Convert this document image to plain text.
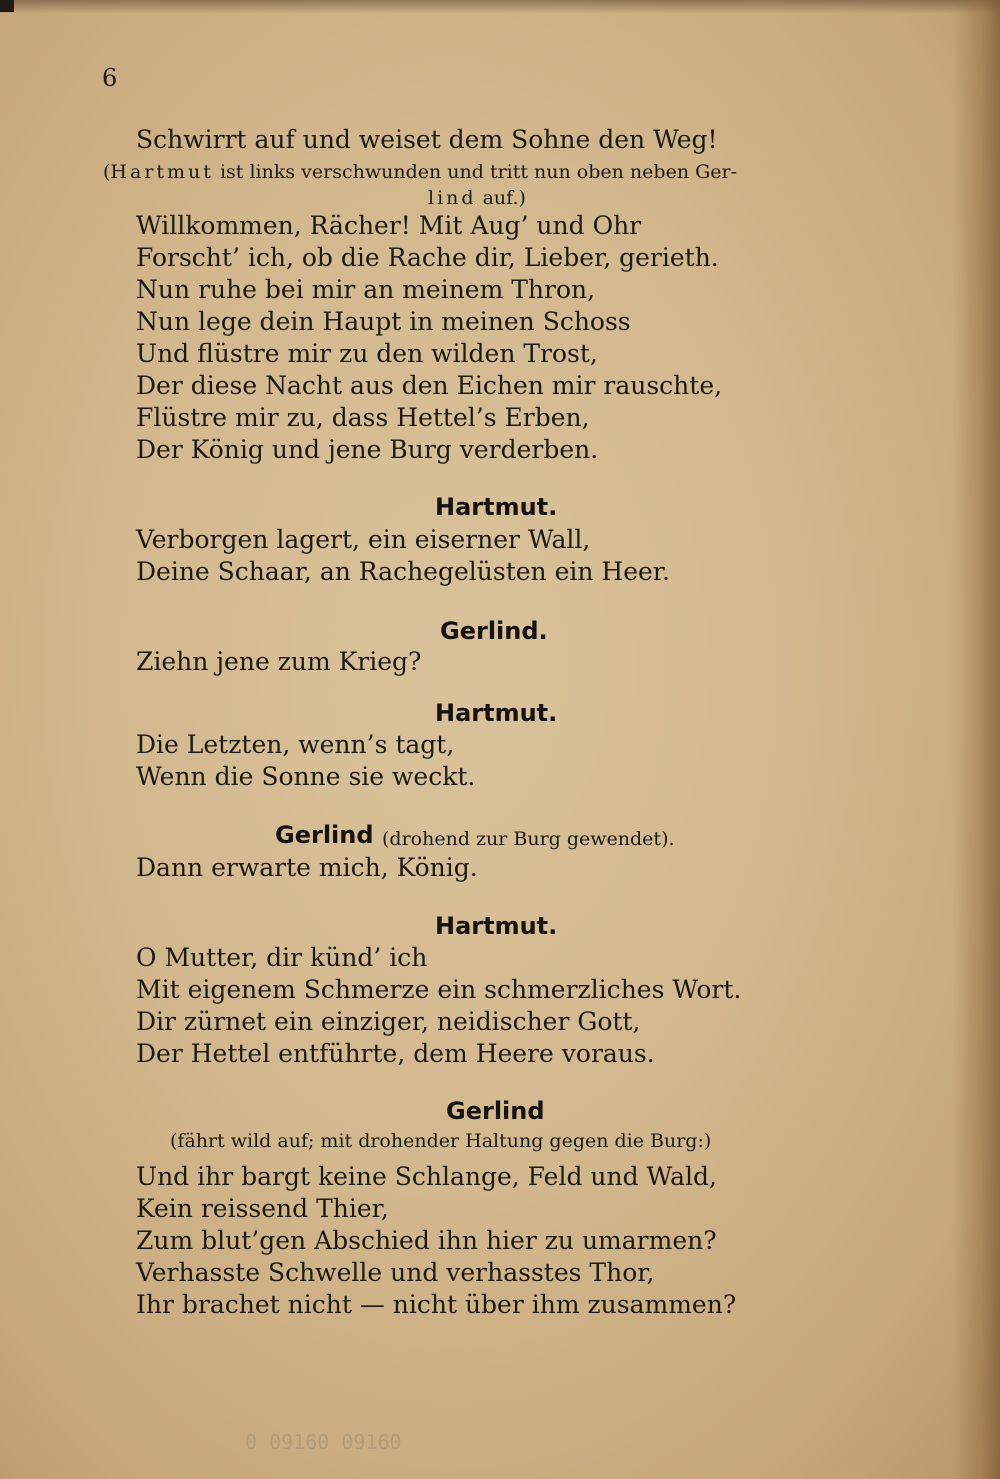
6
Schwirrt auf und weiset dem Sohne den Weg!
(Hartmut ist links verschwunden und tritt nun oben neben Ger-
lind auf.)
Willkommen, Rächer! Mit Aug’ und Ohr
Forscht’ ich, ob die Rache dir, Lieber, gerieth.
Nun ruhe bei mir an meinem Thron,
Nun lege dein Haupt in meinen Schoss
Und flüstre mir zu den wilden Trost,
Der diese Nacht aus den Eichen mir rauschte,
Flüstre mir zu, dass Hettel’s Erben,
Der König und jene Burg verderben.
Hartmut.
Verborgen lagert, ein eiserner Wall,
Deine Schaar, an Rachegelüsten ein Heer.
Gerlind.
Ziehn jene zum Krieg?
Hartmut.
Die Letzten, wenn’s tagt,
Wenn die Sonne sie weckt.
Gerlind (drohend zur Burg gewendet).
Dann erwarte mich, König.
Hartmut.
O Mutter, dir künd’ ich
Mit eigenem Schmerze ein schmerzliches Wort.
Dir zürnet ein einziger, neidischer Gott,
Der Hettel entführte, dem Heere voraus.
Gerlind
(fährt wild auf; mit drohender Haltung gegen die Burg:)
Und ihr bargt keine Schlange, Feld und Wald,
Kein reissend Thier,
Zum blut’gen Abschied ihn hier zu umarmen?
Verhasste Schwelle und verhasstes Thor,
Ihr brachet nicht — nicht über ihm zusammen?
0 09160 09160
